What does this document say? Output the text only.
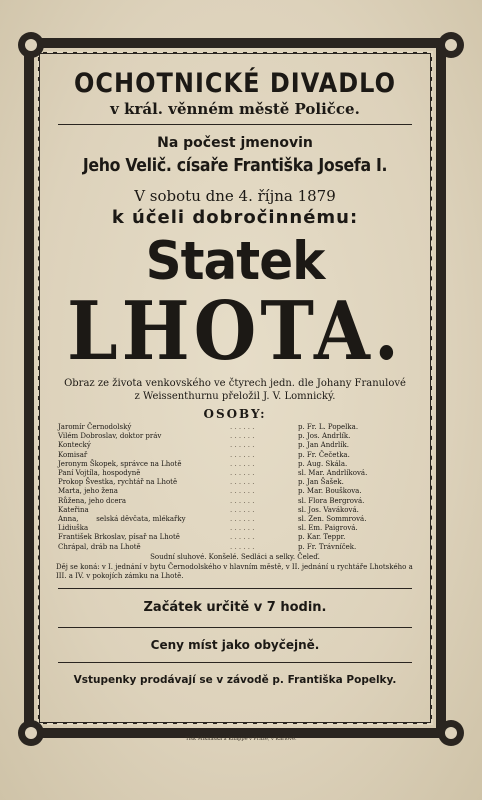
OCHOTNICKÉ DIVADLO
v král. věnném městě Poličce.
Na počest jmenovin
Jeho Velič. císaře Františka Josefa I.
V sobotu dne 4. října 1879
k účeli dobročinnému:
Statek
LHOTA.
Obraz ze života venkovského ve čtyrech jedn. dle Johany Franulové
z Weissenthurnu přeložil J. V. Lomnický.
OSOBY:
Jaromír Černodolský	. . . . . .	p. Fr. L. Popelka.
Vilém Dobroslav, doktor práv	. . . . . .	p. Jos. Andrlík.
Kontecký	. . . . . .	p. Jan Andrlík.
Komisař	. . . . . .	p. Fr. Čečetka.
Jeronym Škopek, správce na Lhotě	. . . . . .	p. Aug. Skála.
Paní Vojtíla, hospodyně	. . . . . .	sl. Mar. Andrlíková.
Prokop Švestka, rychtář na Lhotě	. . . . . .	p. Jan Šašek.
Marta, jeho žena	. . . . . .	p. Mar. Bouškova.
Růžena, jeho dcera	. . . . . .	sl. Flora Bergrová.
Kateřina	. . . . . .	sl. Jos. Vaváková.
Anna,        selská děvčata, mlékařky	. . . . . .	sl. Zen. Sommrová.
Lidiuška	. . . . . .	sl. Em. Paigrová.
František Brkoslav, písař na Lhotě	. . . . . .	p. Kar. Teppr.
Chrápal, dráb na Lhotě	. . . . . .	p. Fr. Trávníček.
Soudní sluhové. Konšelé. Sedláci a selky. Čeleď.
Děj se koná: v I. jednání v bytu Černodolského v hlavním městě, v II. jednání u rychtáře Lhotského a III. a IV. v pokojích zámku na Lhotě.
Začátek určitě v 7 hodin.
Ceny míst jako obyčejně.
Vstupenky prodávají se v závodě p. Františka Popelky.
Tisk Miknáška a Knappe v Praze, v Karlově.
